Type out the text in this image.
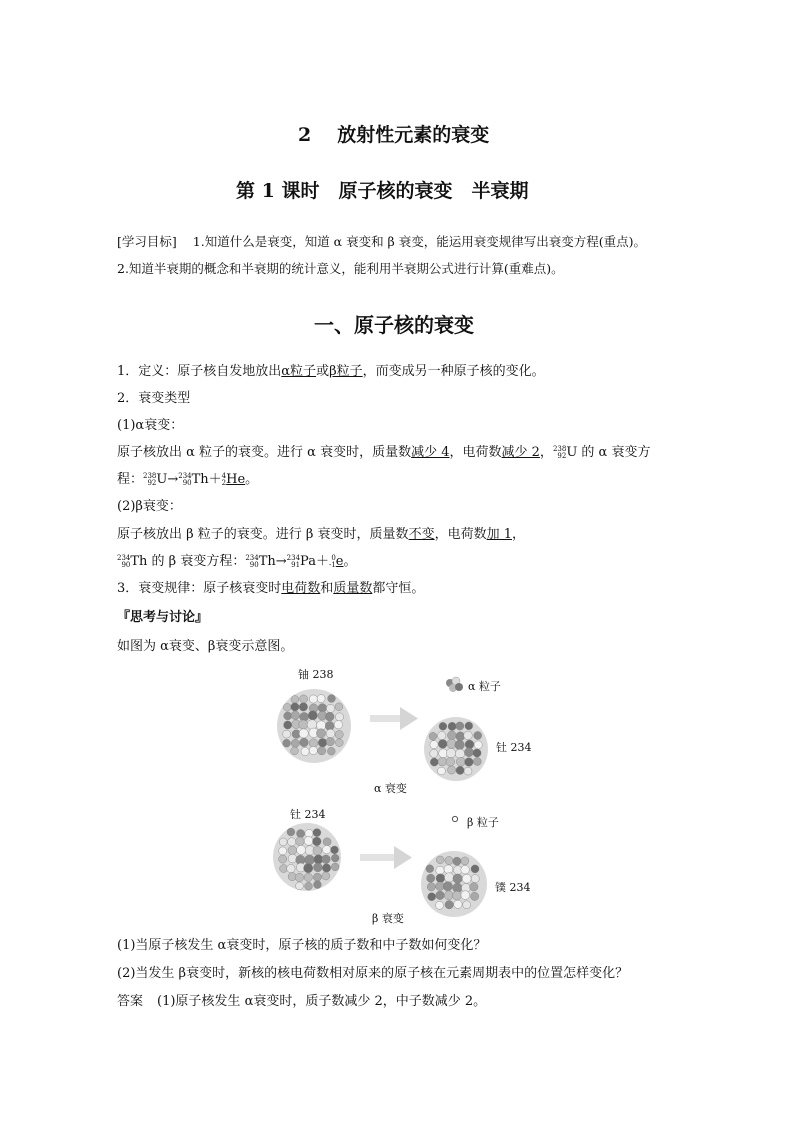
2 放射性元素的衰变
第 1 课时　原子核的衰变　半衰期
[学习目标] 1.知道什么是衰变，知道 α 衰变和 β 衰变，能运用衰变规律写出衰变方程(重点)。
2.知道半衰期的概念和半衰期的统计意义，能利用半衰期公式进行计算(重难点)。
一、原子核的衰变
1．定义：原子核自发地放出α粒子或β粒子，而变成另一种原子核的变化。
2．衰变类型
(1)α衰变：
原子核放出 α 粒子的衰变。进行 α 衰变时，质量数减少 4，电荷数减少 2，238
92U 的 α 衰变方
程：238
92U→234
90Th＋4
2He。
(2)β衰变：
原子核放出 β 粒子的衰变。进行 β 衰变时，质量数不变，电荷数加 1，
234
90Th 的 β 衰变方程：234
90Th→234
91Pa＋ 0
-1e。
3．衰变规律：原子核衰变时电荷数和质量数都守恒。
『思考与讨论』
如图为 α衰变、β衰变示意图。
铀 238
α 粒子
钍 234
α 衰变
钍 234
β 粒子
镤 234
β 衰变
(1)当原子核发生 α衰变时，原子核的质子数和中子数如何变化？
(2)当发生 β衰变时，新核的核电荷数相对原来的原子核在元素周期表中的位置怎样变化？
答案 (1)原子核发生 α衰变时，质子数减少 2，中子数减少 2。
